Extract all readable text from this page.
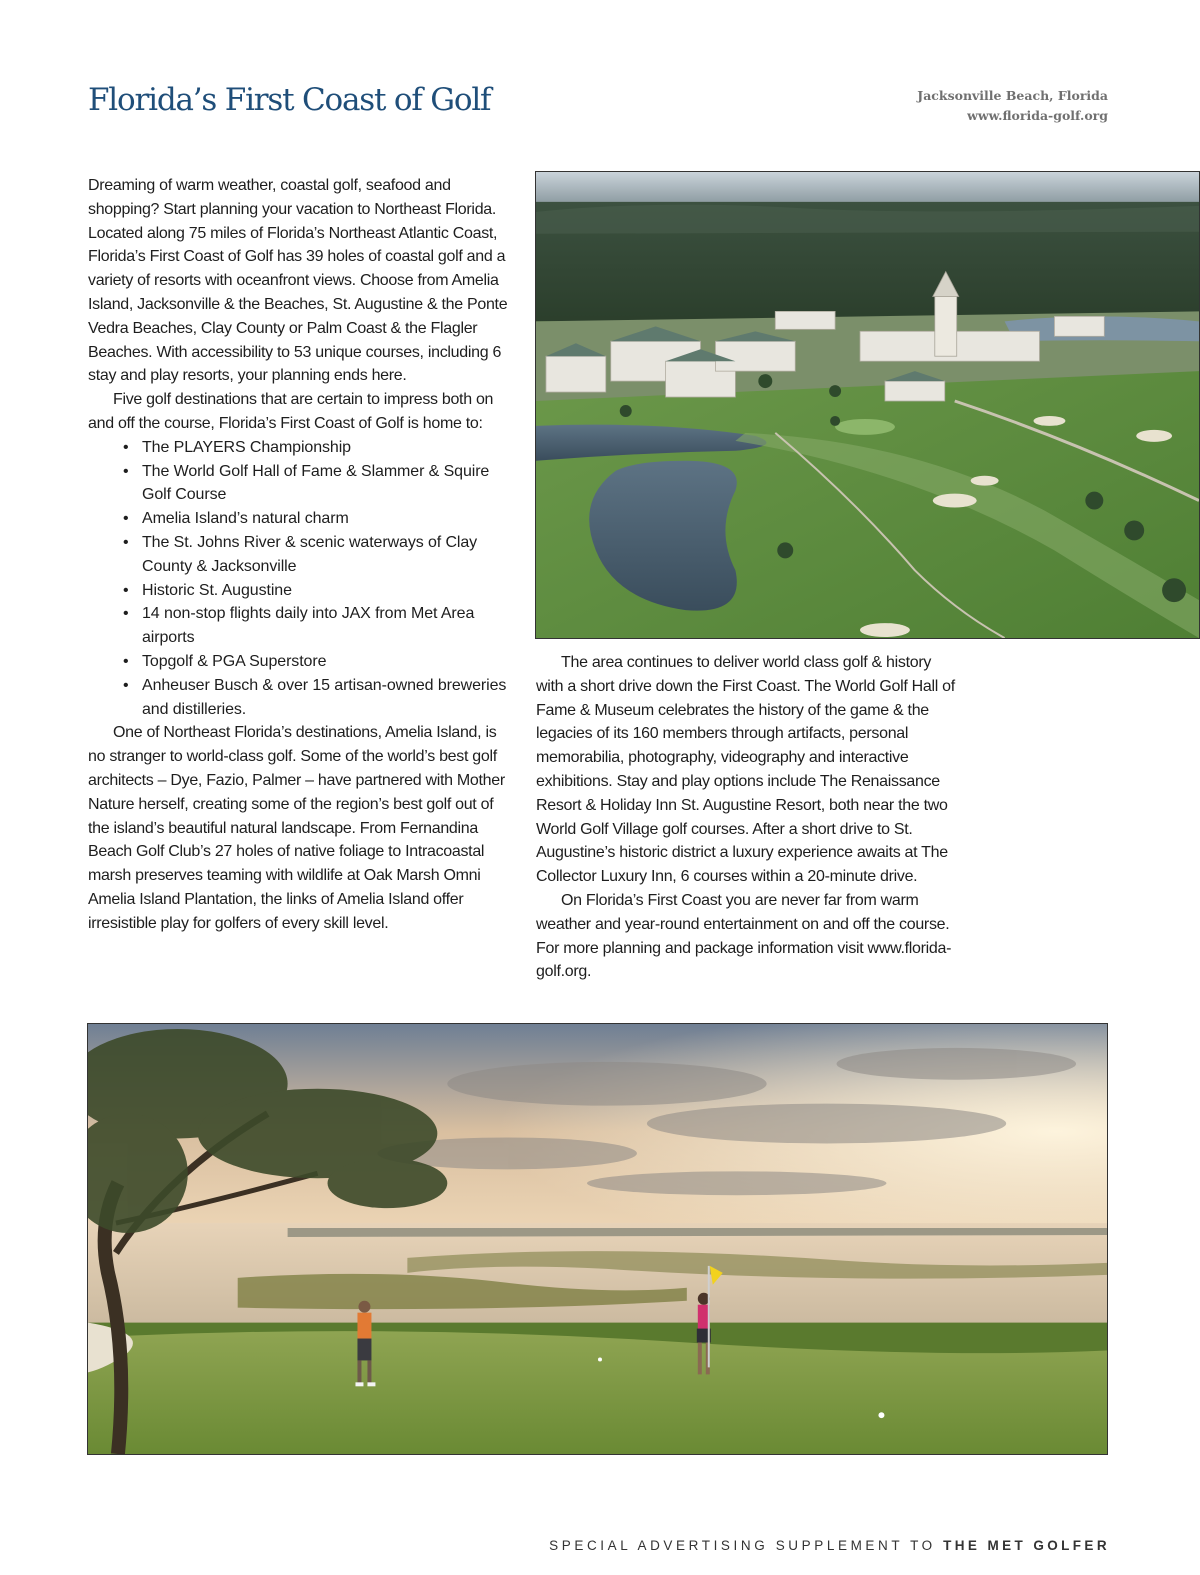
Florida’s First Coast of Golf	Jacksonville Beach, Florida
www.florida-golf.org

Dreaming of warm weather, coastal golf, seafood and shopping? Start planning your vacation to Northeast Florida. Located along 75 miles of Florida’s Northeast Atlantic Coast, Florida’s First Coast of Golf has 39 holes of coastal golf and a variety of resorts with oceanfront views. Choose from Amelia Island, Jacksonville & the Beaches, St. Augustine & the Ponte Vedra Beaches, Clay County or Palm Coast & the Flagler Beaches. With accessibility to 53 unique courses, including 6 stay and play resorts, your planning ends here.

Five golf destinations that are certain to impress both on and off the course, Florida’s First Coast of Golf is home to:

• The PLAYERS Championship
• The World Golf Hall of Fame & Slammer & Squire Golf Course
• Amelia Island’s natural charm
• The St. Johns River & scenic waterways of Clay County & Jacksonville
• Historic St. Augustine
• 14 non-stop flights daily into JAX from Met Area airports
• Topgolf & PGA Superstore
• Anheuser Busch & over 15 artisan-owned breweries and distilleries.

One of Northeast Florida’s destinations, Amelia Island, is no stranger to world-class golf. Some of the world’s best golf architects – Dye, Fazio, Palmer – have partnered with Mother Nature herself, creating some of the region’s best golf out of the island’s beautiful natural landscape. From Fernandina Beach Golf Club’s 27 holes of native foliage to Intracoastal marsh preserves teaming with wildlife at Oak Marsh Omni Amelia Island Plantation, the links of Amelia Island offer irresistible play for golfers of every skill level.

The area continues to deliver world class golf & history with a short drive down the First Coast. The World Golf Hall of Fame & Museum celebrates the history of the game & the legacies of its 160 members through artifacts, personal memorabilia, photography, videography and interactive exhibitions. Stay and play options include The Renaissance Resort & Holiday Inn St. Augustine Resort, both near the two World Golf Village golf courses. After a short drive to St. Augustine’s historic district a luxury experience awaits at The Collector Luxury Inn, 6 courses within a 20-minute drive.

On Florida’s First Coast you are never far from warm weather and year-round entertainment on and off the course. For more planning and package information visit www.florida-golf.org.

SPECIAL ADVERTISING SUPPLEMENT TO THE MET GOLFER
